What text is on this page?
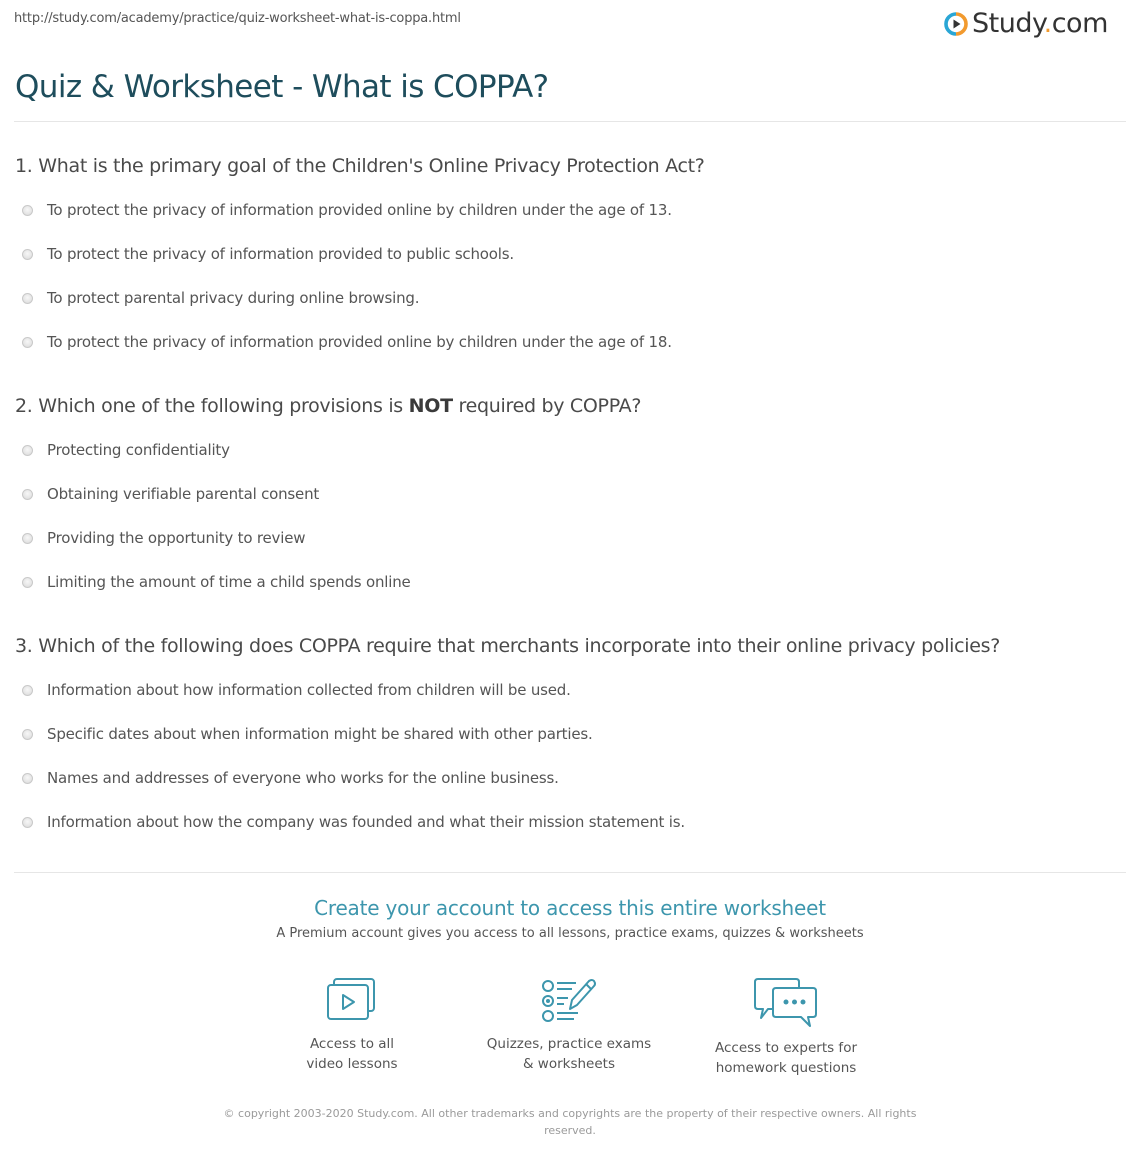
http://study.com/academy/practice/quiz-worksheet-what-is-coppa.html	Study.com
Quiz & Worksheet - What is COPPA?
1. What is the primary goal of the Children's Online Privacy Protection Act?
To protect the privacy of information provided online by children under the age of 13.
To protect the privacy of information provided to public schools.
To protect parental privacy during online browsing.
To protect the privacy of information provided online by children under the age of 18.
2. Which one of the following provisions is NOT required by COPPA?
Protecting confidentiality
Obtaining verifiable parental consent
Providing the opportunity to review
Limiting the amount of time a child spends online
3. Which of the following does COPPA require that merchants incorporate into their online privacy policies?
Information about how information collected from children will be used.
Specific dates about when information might be shared with other parties.
Names and addresses of everyone who works for the online business.
Information about how the company was founded and what their mission statement is.
Create your account to access this entire worksheet
A Premium account gives you access to all lessons, practice exams, quizzes & worksheets
Access to all
video lessons
Quizzes, practice exams
& worksheets
Access to experts for
homework questions
© copyright 2003-2020 Study.com. All other trademarks and copyrights are the property of their respective owners. All rights reserved.
